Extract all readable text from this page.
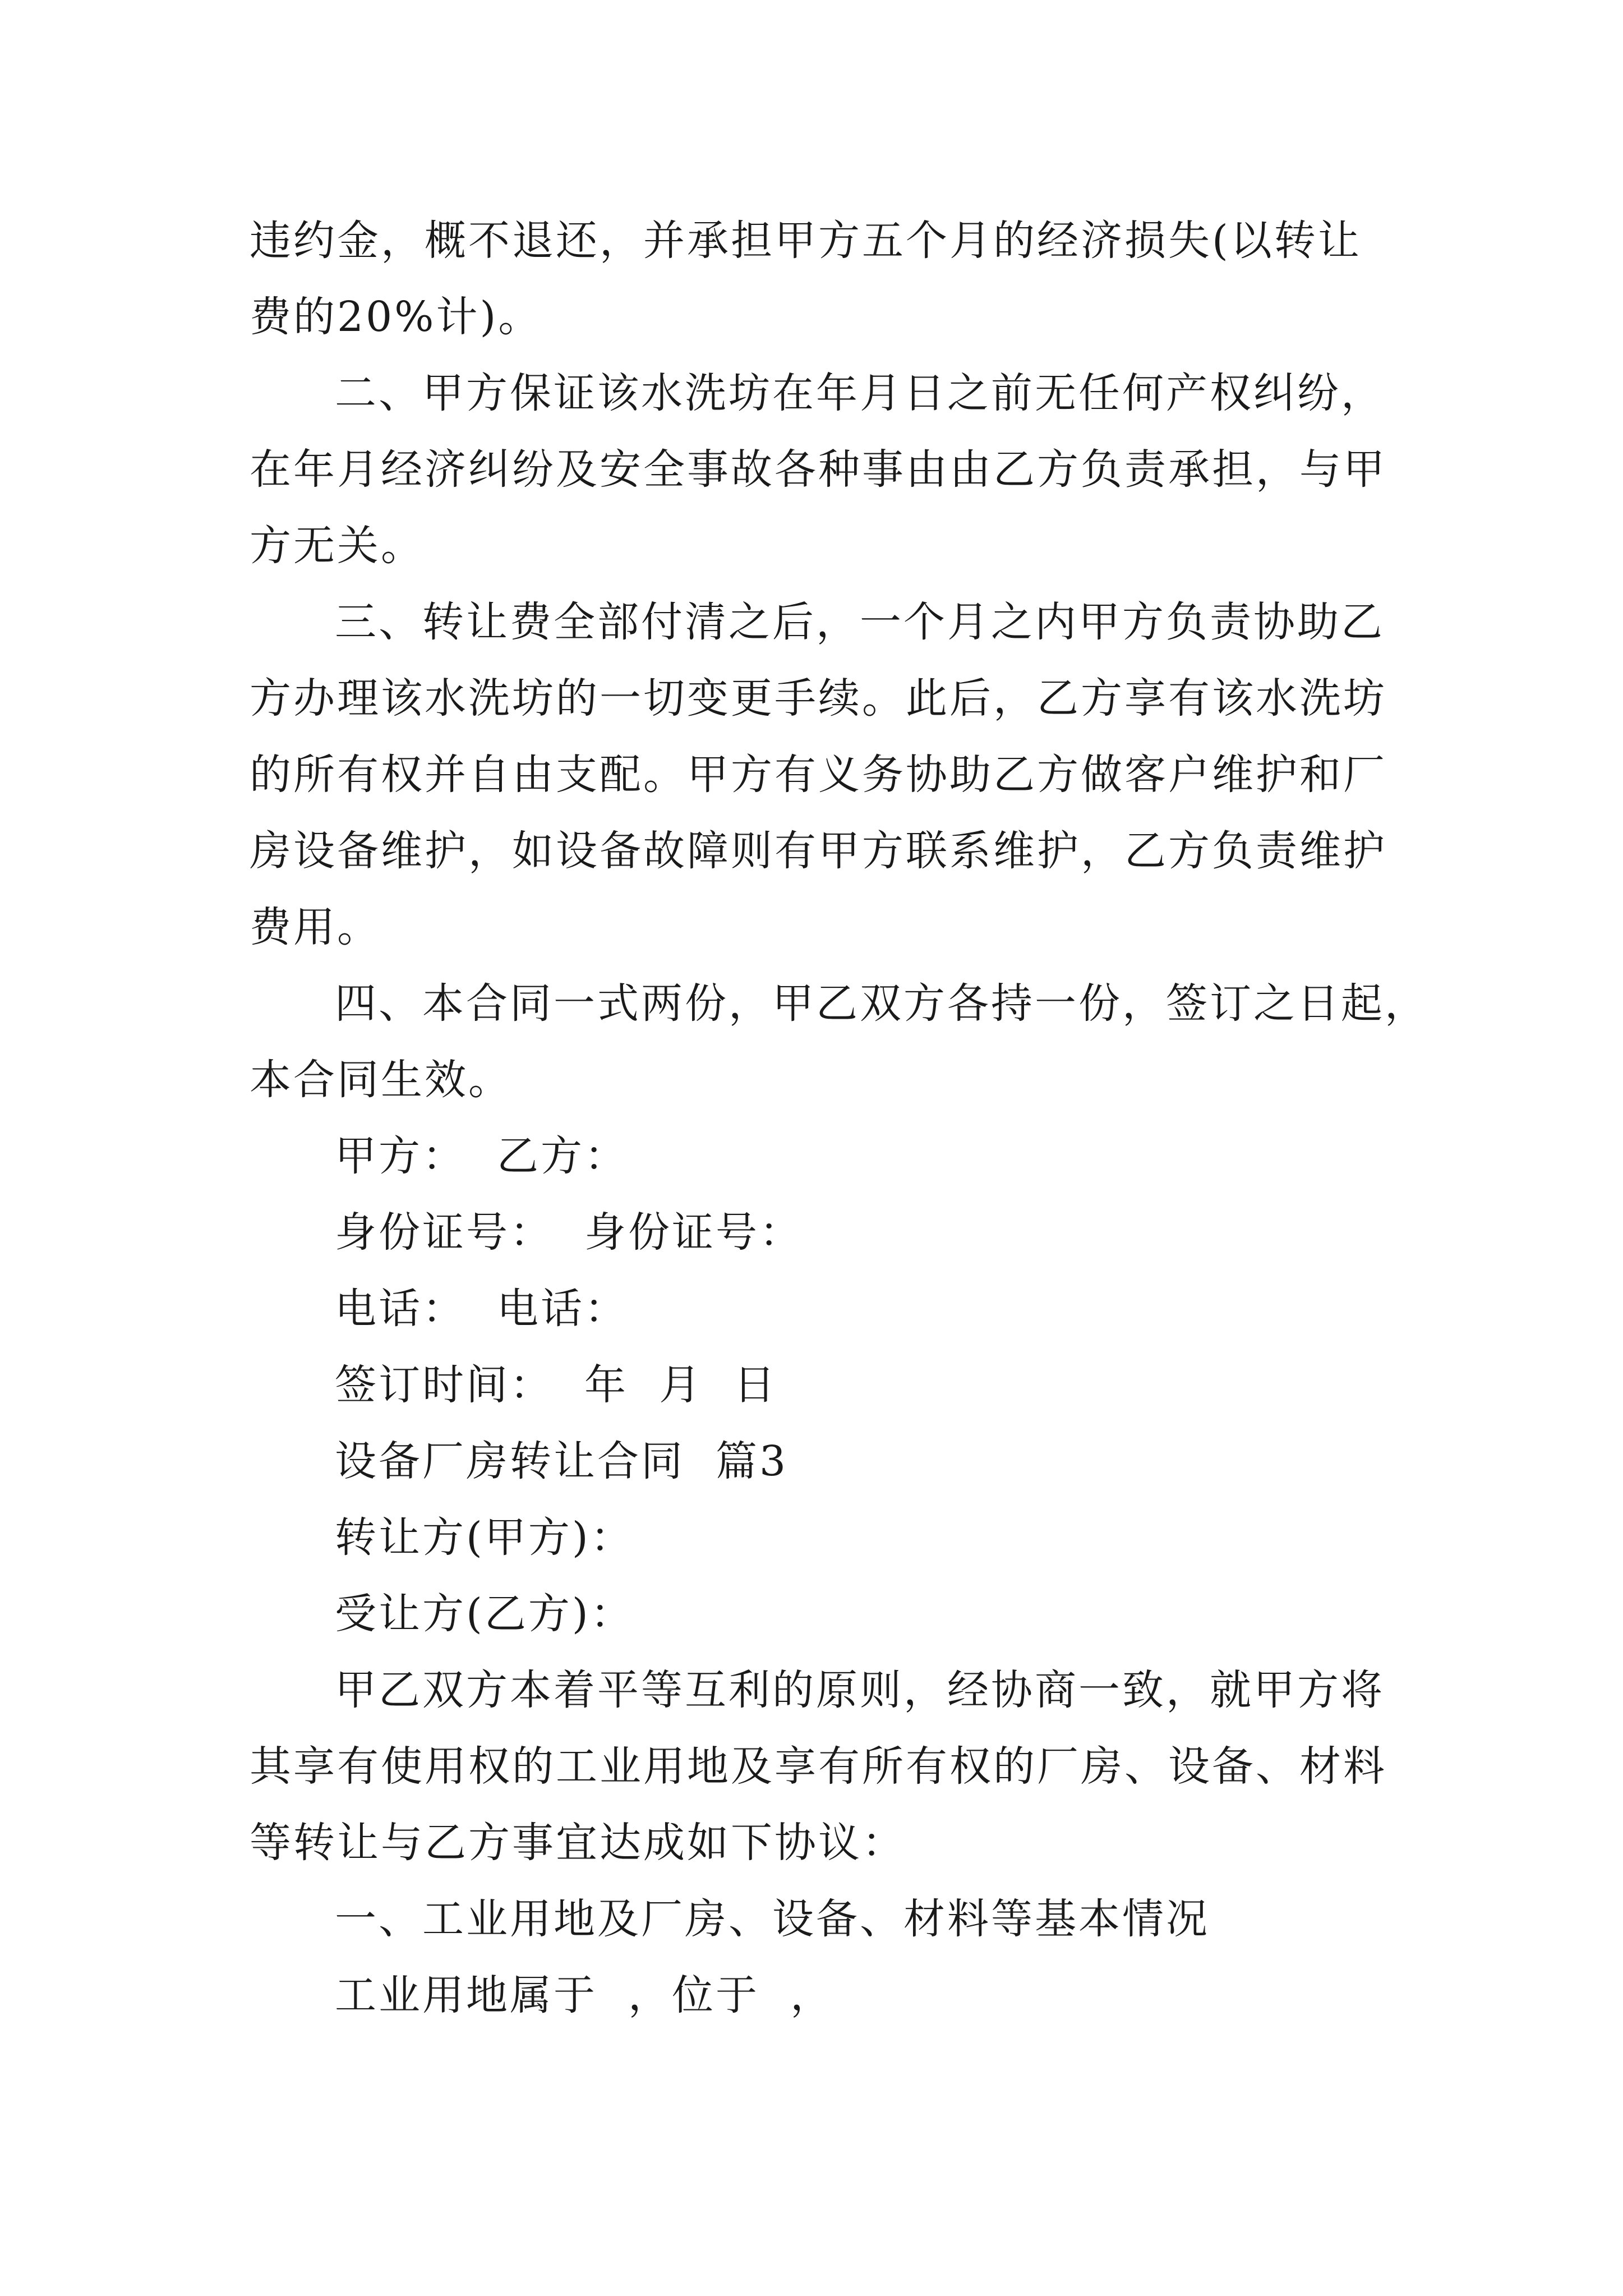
违约金，概不退还，并承担甲方五个月的经济损失(以转让
费的20%计)。
二、甲方保证该水洗坊在年月日之前无任何产权纠纷，
在年月经济纠纷及安全事故各种事由由乙方负责承担，与甲
方无关。
三、转让费全部付清之后，一个月之内甲方负责协助乙
方办理该水洗坊的一切变更手续。此后，乙方享有该水洗坊
的所有权并自由支配。甲方有义务协助乙方做客户维护和厂
房设备维护，如设备故障则有甲方联系维护，乙方负责维护
费用。
四、本合同一式两份，甲乙双方各持一份，签订之日起，
本合同生效。
甲方：  乙方：
身份证号：  身份证号：
电话：  电话：
签订时间：  年  月  日
设备厂房转让合同  篇3
转让方(甲方)：
受让方(乙方)：
甲乙双方本着平等互利的原则，经协商一致，就甲方将
其享有使用权的工业用地及享有所有权的厂房、设备、材料
等转让与乙方事宜达成如下协议：
一、工业用地及厂房、设备、材料等基本情况
工业用地属于  ，位于  ，
